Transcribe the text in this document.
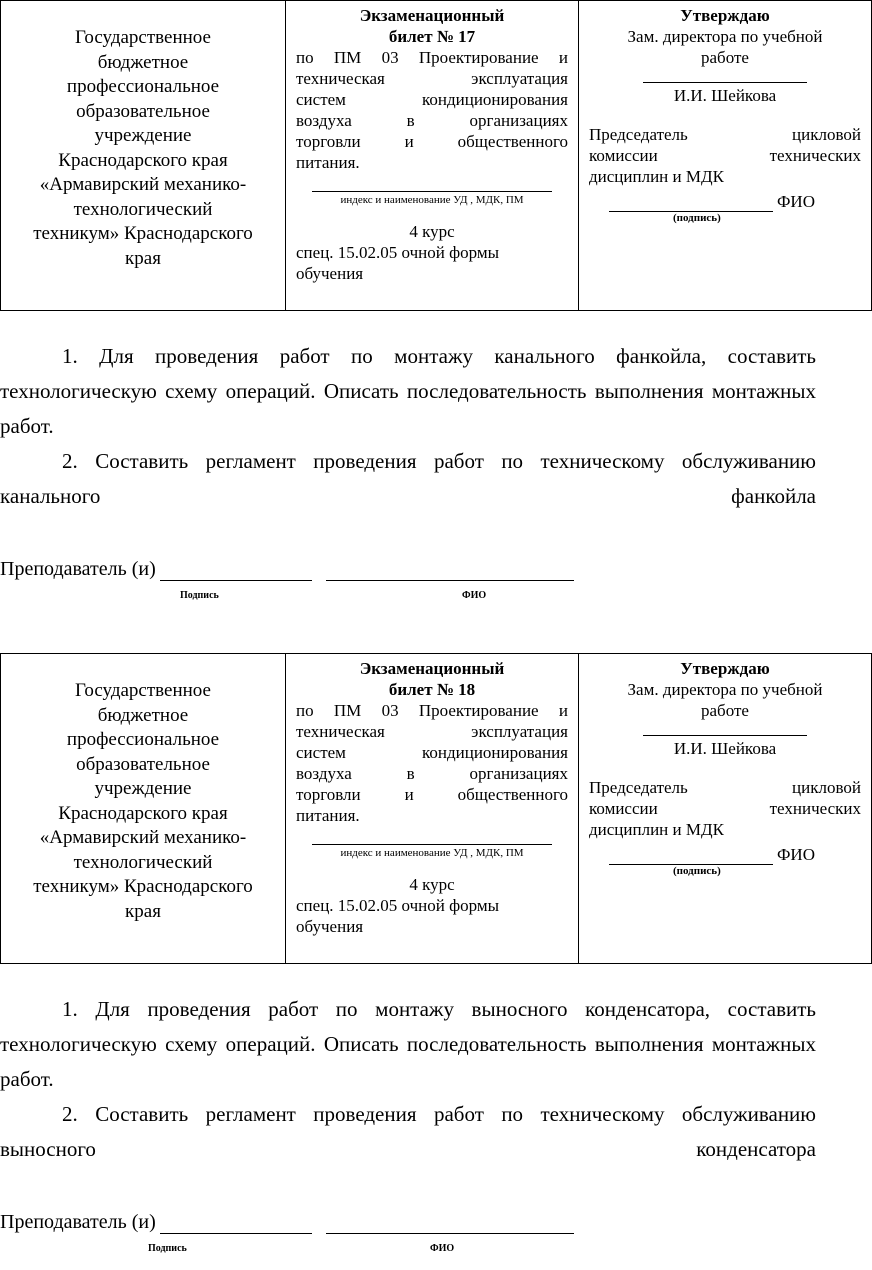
Государственное
бюджетное
профессиональное
образовательное
учреждение
Краснодарского края
«Армавирский механико-
технологический
техникум» Краснодарского
края

Экзаменационный
билет № 17
по ПМ 03 Проектирование и
техническая эксплуатация
систем кондиционирования
воздуха в организациях
торговли и общественного
питания.
индекс и наименование УД , МДК, ПМ
4 курс
спец. 15.02.05 очной формы
обучения

Утверждаю
Зам. директора по учебной
работе
И.И. Шейкова
Председатель цикловой
комиссии технических
дисциплин и МДК
ФИО
(подпись)

1. Для проведения работ по монтажу канального фанкойла, составить технологическую схему операций. Описать последовательность выполнения монтажных работ.

2. Составить регламент проведения работ по техническому обслуживанию канального фанкойла

Преподаватель (и)
Подпись	ФИО
Государственное
бюджетное
профессиональное
образовательное
учреждение
Краснодарского края
«Армавирский механико-
технологический
техникум» Краснодарского
края

Экзаменационный
билет № 18
по ПМ 03 Проектирование и
техническая эксплуатация
систем кондиционирования
воздуха в организациях
торговли и общественного
питания.
индекс и наименование УД , МДК, ПМ
4 курс
спец. 15.02.05 очной формы
обучения

Утверждаю
Зам. директора по учебной
работе
И.И. Шейкова
Председатель цикловой
комиссии технических
дисциплин и МДК
ФИО
(подпись)

1. Для проведения работ по монтажу выносного конденсатора, составить технологическую схему операций. Описать последовательность выполнения монтажных работ.

2. Составить регламент проведения работ по техническому обслуживанию выносного конденсатора

Преподаватель (и)
Подпись	ФИО
